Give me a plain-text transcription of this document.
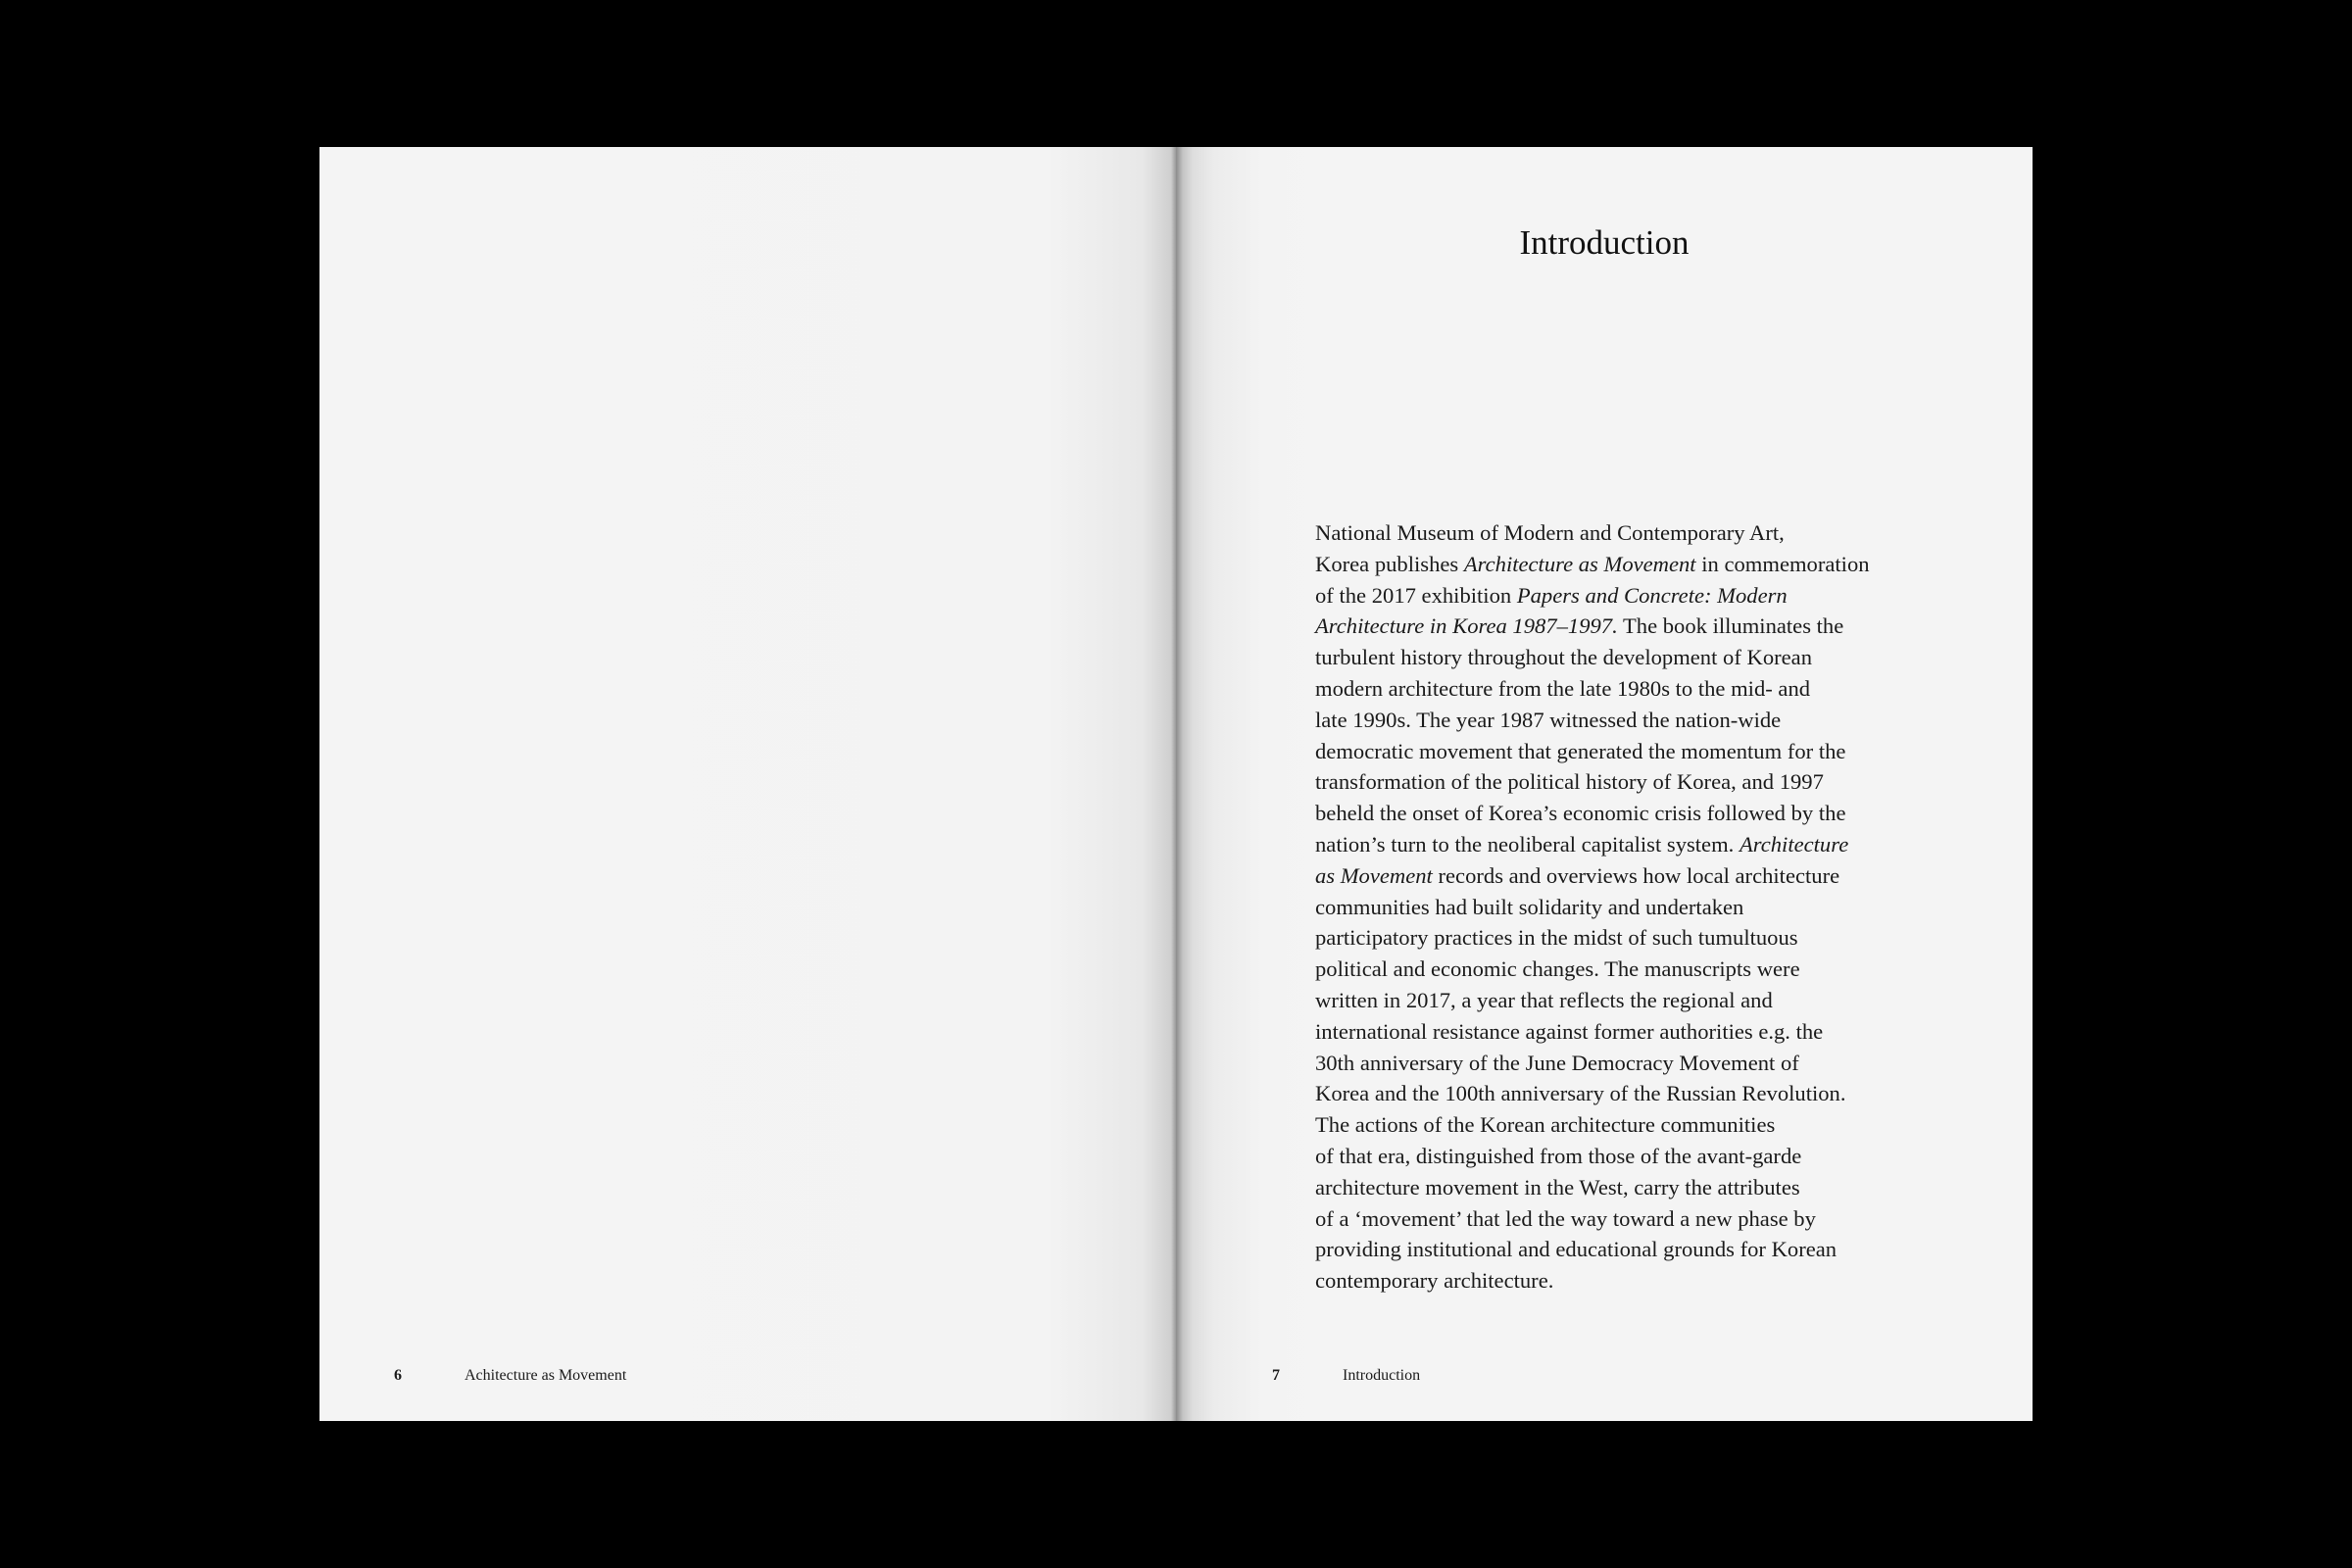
Introduction
National Museum of Modern and Contemporary Art,
Korea publishes Architecture as Movement in commemoration
of the 2017 exhibition Papers and Concrete: Modern
Architecture in Korea 1987–1997. The book illuminates the
turbulent history throughout the development of Korean
modern architecture from the late 1980s to the mid- and
late 1990s. The year 1987 witnessed the nation-wide
democratic movement that generated the momentum for the
transformation of the political history of Korea, and 1997
beheld the onset of Korea’s economic crisis followed by the
nation’s turn to the neoliberal capitalist system. Architecture
as Movement records and overviews how local architecture
communities had built solidarity and undertaken
participatory practices in the midst of such tumultuous
political and economic changes. The manuscripts were
written in 2017, a year that reflects the regional and
international resistance against former authorities e.g. the
30th anniversary of the June Democracy Movement of
Korea and the 100th anniversary of the Russian Revolution.
The actions of the Korean architecture communities
of that era, distinguished from those of the avant-garde
architecture movement in the West, carry the attributes
of a ‘movement’ that led the way toward a new phase by
providing institutional and educational grounds for Korean
contemporary architecture.
6	Achitecture as Movement	7	Introduction
